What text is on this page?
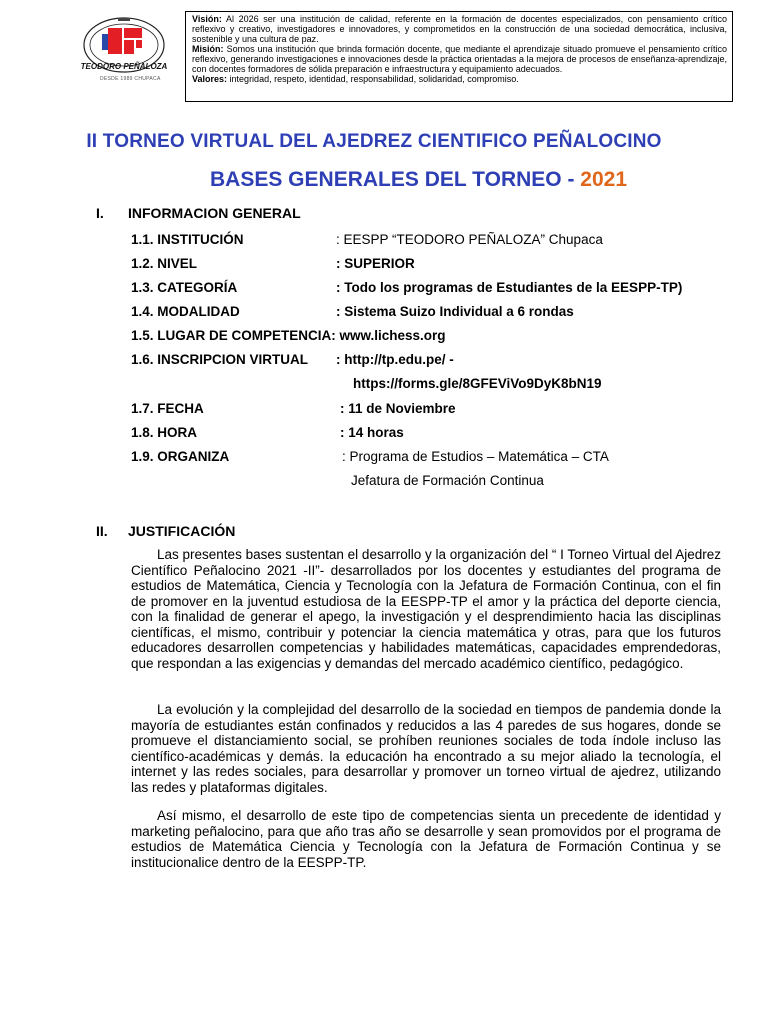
TEODORO PEÑALOZA
DESDE 1989 CHUPACA

Visión: Al 2026 ser una institución de calidad, referente en la formación de docentes especializados, con pensamiento crítico reflexivo y creativo, investigadores e innovadores, y comprometidos en la construcción de una sociedad democrática, inclusiva, sostenible y una cultura de paz.

Misión: Somos una institución que brinda formación docente, que mediante el aprendizaje situado promueve el pensamiento crítico reflexivo, generando investigaciones e innovaciones desde la práctica orientadas a la mejora de procesos de enseñanza-aprendizaje, con docentes formadores de sólida preparación e infraestructura y equipamiento adecuados.

Valores: integridad, respeto, identidad, responsabilidad, solidaridad, compromiso.

II TORNEO VIRTUAL DEL AJEDREZ CIENTIFICO PEÑALOCINO
BASES GENERALES DEL TORNEO - 2021
I. INFORMACION GENERAL
1.1. INSTITUCIÓN	: EESPP “TEODORO PEÑALOZA” Chupaca
1.2. NIVEL	: SUPERIOR
1.3. CATEGORÍA	: Todo los programas de Estudiantes de la EESPP-TP)
1.4. MODALIDAD	: Sistema Suizo Individual a 6 rondas
1.5. LUGAR DE COMPETENCIA: www.lichess.org
1.6. INSCRIPCION VIRTUAL : http://tp.edu.pe/ -
https://forms.gle/8GFEViVo9DyK8bN19
1.7. FECHA	: 11 de Noviembre
1.8. HORA	: 14 horas
1.9. ORGANIZA	: Programa de Estudios – Matemática – CTA
Jefatura de Formación Continua
II. JUSTIFICACIÓN

Las presentes bases sustentan el desarrollo y la organización del “ I Torneo Virtual del Ajedrez Científico Peñalocino 2021 -II”- desarrollados por los docentes y estudiantes del programa de estudios de Matemática, Ciencia y Tecnología con la Jefatura de Formación Continua, con el fin de promover en la juventud estudiosa de la EESPP-TP el amor y la práctica del deporte ciencia, con la finalidad de generar el apego, la investigación y el desprendimiento hacia las disciplinas científicas, el mismo, contribuir y potenciar la ciencia matemática y otras, para que los futuros educadores desarrollen competencias y habilidades matemáticas, capacidades emprendedoras, que respondan a las exigencias y demandas del mercado académico científico, pedagógico.

La evolución y la complejidad del desarrollo de la sociedad en tiempos de pandemia donde la mayoría de estudiantes están confinados y reducidos a las 4 paredes de sus hogares, donde se promueve el distanciamiento social, se prohíben reuniones sociales de toda índole incluso las científico-académicas y demás. la educación ha encontrado a su mejor aliado la tecnología, el internet y las redes sociales, para desarrollar y promover un torneo virtual de ajedrez, utilizando las redes y plataformas digitales.

Así mismo, el desarrollo de este tipo de competencias sienta un precedente de identidad y marketing peñalocino, para que año tras año se desarrolle y sean promovidos por el programa de estudios de Matemática Ciencia y Tecnología con la Jefatura de Formación Continua y se institucionalice dentro de la EESPP-TP.
